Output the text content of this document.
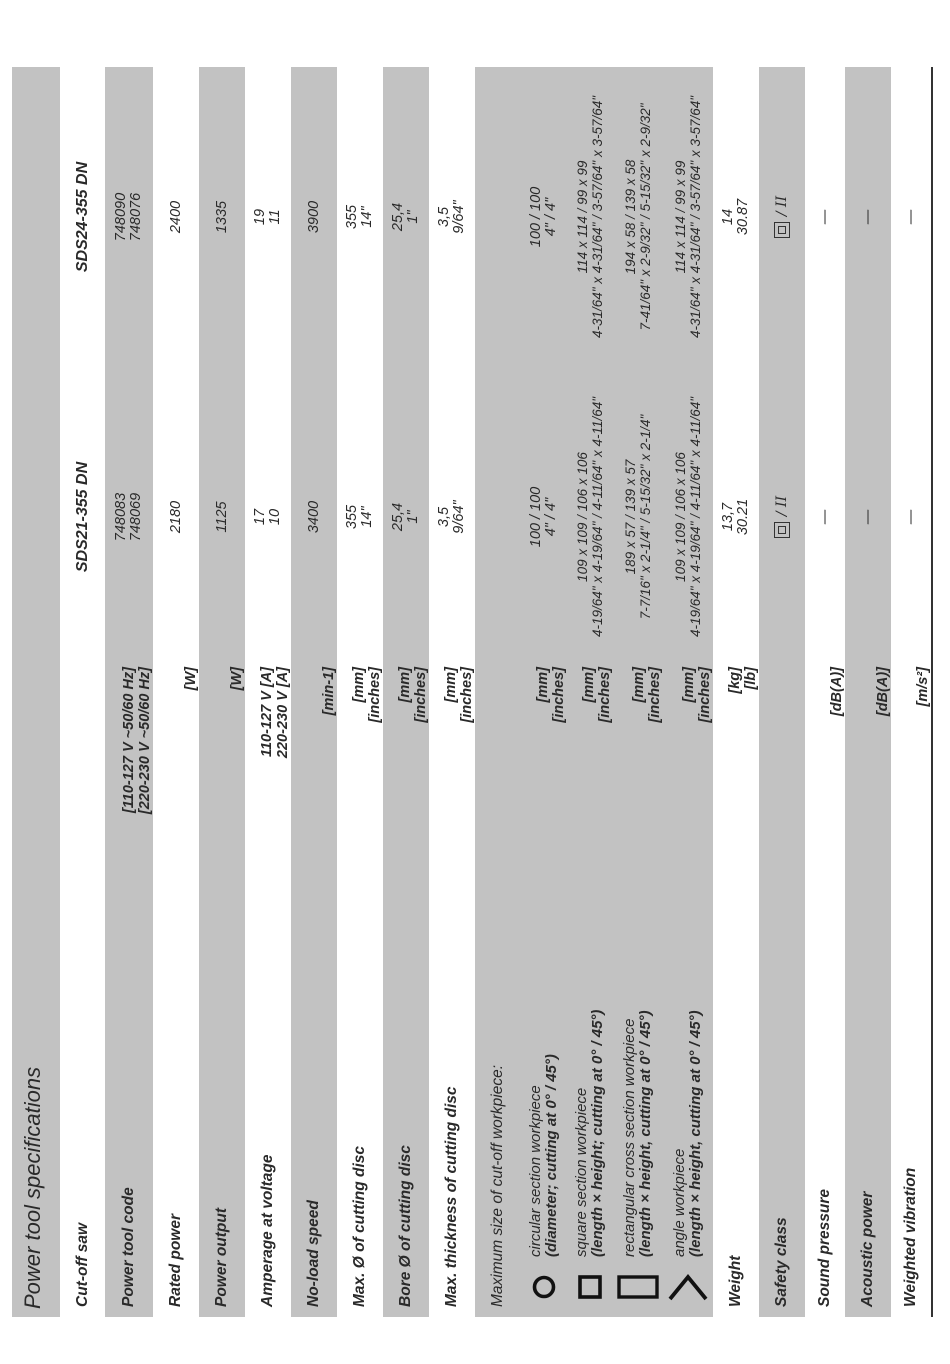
Power tool specifications	Cut-off saw
SDS21-355 DN
SDS24-355 DN
Power tool code
[110-127 V ~50/60 Hz] [220-230 V ~50/60 Hz]
748083 748069
748090 748076
Rated power
[W]
2180
2400
Power output
[W]
1125
1335
Amperage at voltage
110-127 V [A] 220-230 V [A]
17 10
19 11
No-load speed
[min-1]
3400
3900
Max. Ø of cutting disc
[mm] [inches]
355 14"
355 14"
Bore Ø of cutting disc
[mm] [inches]
25,4 1"
25,4 1"
Max. thickness of cutting disc
[mm] [inches]
3,5 9/64"
3,5 9/64"
Maximum size of cut-off workpiece:	circular section workpiece (diameter; cutting at 0° / 45°)
[mm] [inches]
100 / 100 4" / 4"
100 / 100 4" / 4"
square section workpiece (length × height; cutting at 0° / 45°)
[mm] [inches]
109 x 109 / 106 x 106 4-19/64" x 4-19/64" / 4-11/64" x 4-11/64"
114 x 114 / 99 x 99 4-31/64" x 4-31/64" / 3-57/64" x 3-57/64"
rectangular cross section workpiece (length × height, cutting at 0° / 45°)
[mm] [inches]
189 x 57 / 139 x 57 7-7/16" x 2-1/4" / 5-15/32" x 2-1/4"
194 x 58 / 139 x 58 7-41/64" x 2-9/32" / 5-15/32" x 2-9/32"
angle workpiece (length × height, cutting at 0° / 45°)
[mm] [inches]
109 x 109 / 106 x 106 4-19/64" x 4-19/64" / 4-11/64" x 4-11/64"
114 x 114 / 99 x 99 4-31/64" x 4-31/64" / 3-57/64" x 3-57/64"
Weight
[kg] [lb]
13,7 30.21
14 30.87
Safety class
/ II
/ II
Sound pressure
[dB(A)]
—
—
Acoustic power
[dB(A)]
—
—
Weighted vibration
[m/s²]
—
—
